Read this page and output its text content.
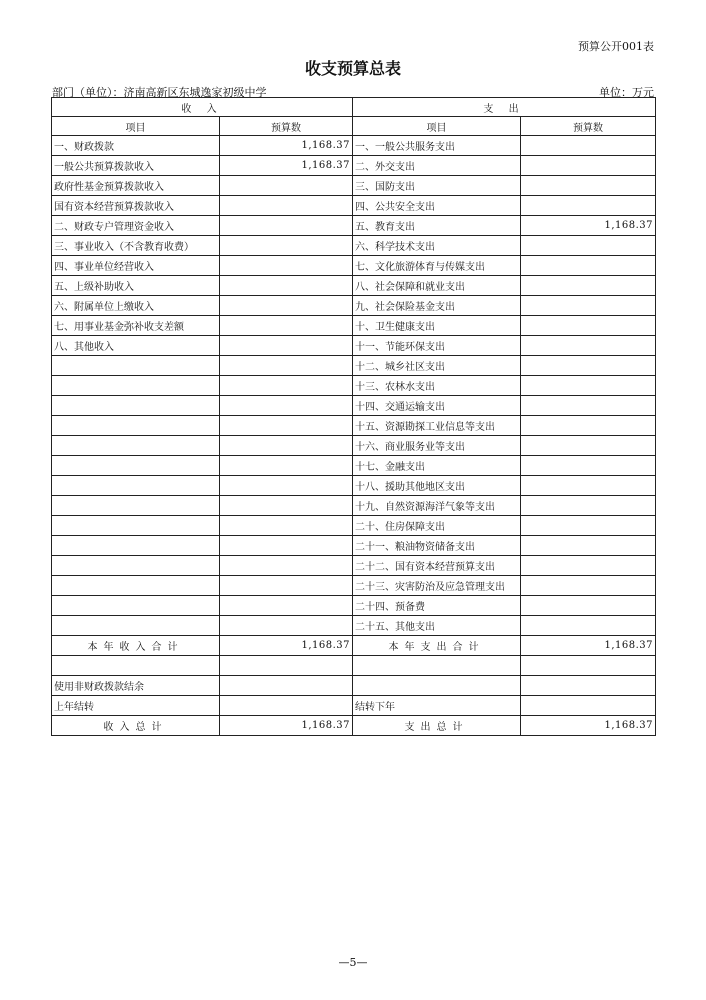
预算公开001表
收支预算总表
部门（单位）：济南高新区东城逸家初级中学	单位：万元
收 入		支 出	
项目	预算数	项目	预算数
一、财政拨款	1,168.37	一、一般公共服务支出	
一般公共预算拨款收入	1,168.37	二、外交支出	
政府性基金预算拨款收入		三、国防支出	
国有资本经营预算拨款收入		四、公共安全支出	
二、财政专户管理资金收入		五、教育支出	1,168.37
三、事业收入（不含教育收费）		六、科学技术支出	
四、事业单位经营收入		七、文化旅游体育与传媒支出	
五、上级补助收入		八、社会保障和就业支出	
六、附属单位上缴收入		九、社会保险基金支出	
七、用事业基金弥补收支差额		十、卫生健康支出	
八、其他收入		十一、节能环保支出	
		十二、城乡社区支出	
		十三、农林水支出	
		十四、交通运输支出	
		十五、资源勘探工业信息等支出	
		十六、商业服务业等支出	
		十七、金融支出	
		十八、援助其他地区支出	
		十九、自然资源海洋气象等支出	
		二十、住房保障支出	
		二十一、粮油物资储备支出	
		二十二、国有资本经营预算支出	
		二十三、灾害防治及应急管理支出	
		二十四、预备费	
		二十五、其他支出	
本年收入合计	1,168.37	本年支出合计	1,168.37

使用非财政拨款结余			
上年结转		结转下年	
收入总计	1,168.37	支出总计	1,168.37
—5—
